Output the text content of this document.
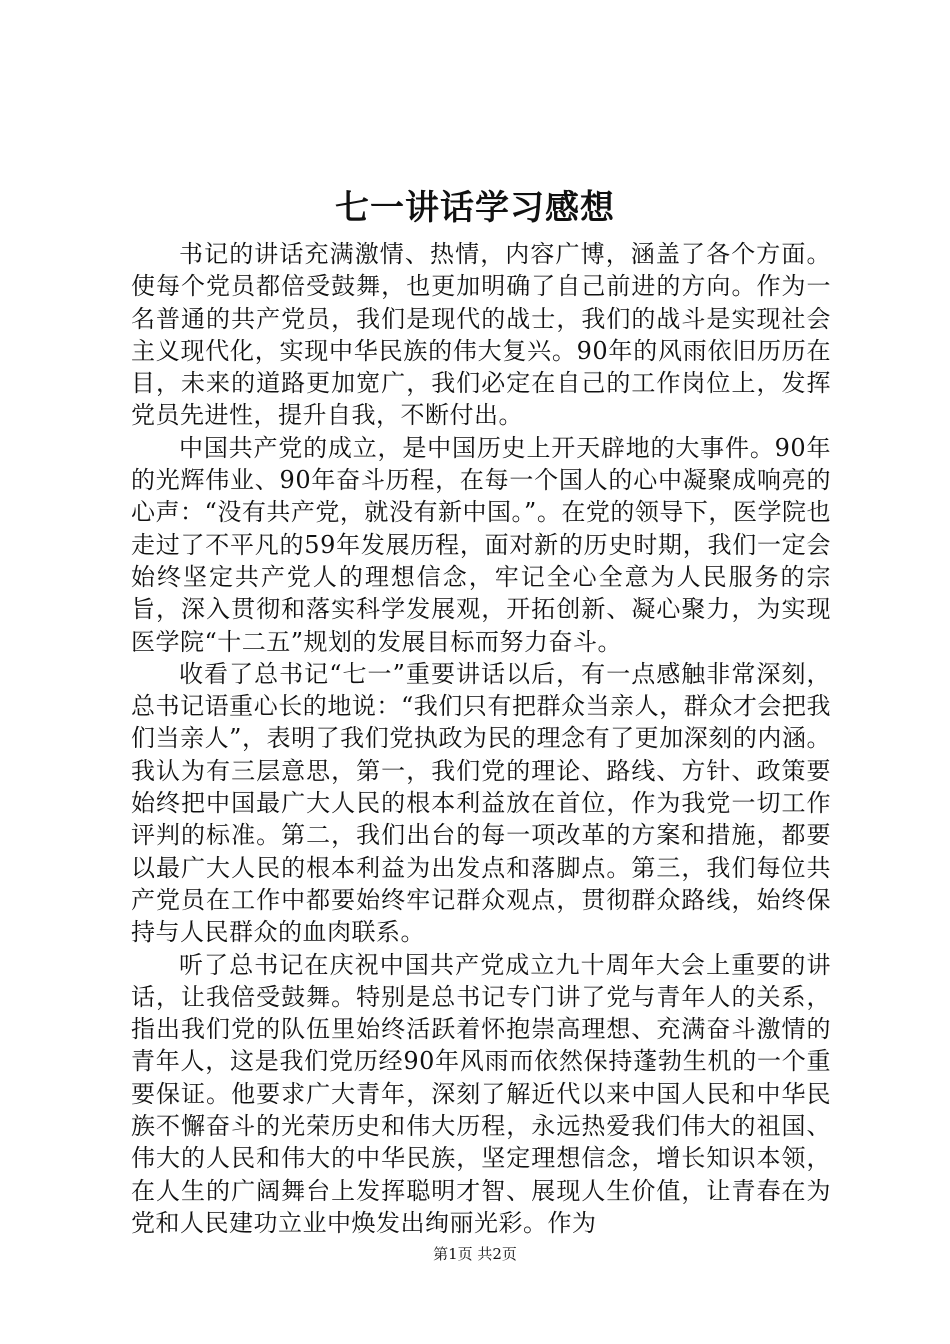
七一讲话学习感想

书记的讲话充满激情、热情，内容广博，涵盖了各个方面。使每个党员都倍受鼓舞，也更加明确了自己前进的方向。作为一名普通的共产党员，我们是现代的战士，我们的战斗是实现社会主义现代化，实现中华民族的伟大复兴。90年的风雨依旧历历在目，未来的道路更加宽广，我们必定在自己的工作岗位上，发挥党员先进性，提升自我，不断付出。

中国共产党的成立，是中国历史上开天辟地的大事件。90年的光辉伟业、90年奋斗历程，在每一个国人的心中凝聚成响亮的心声：“没有共产党，就没有新中国。”。在党的领导下，医学院也走过了不平凡的59年发展历程，面对新的历史时期，我们一定会始终坚定共产党人的理想信念，牢记全心全意为人民服务的宗旨，深入贯彻和落实科学发展观，开拓创新、凝心聚力，为实现医学院“十二五”规划的发展目标而努力奋斗。

收看了总书记“七一”重要讲话以后，有一点感触非常深刻，总书记语重心长的地说：“我们只有把群众当亲人，群众才会把我们当亲人”，表明了我们党执政为民的理念有了更加深刻的内涵。我认为有三层意思，第一，我们党的理论、路线、方针、政策要始终把中国最广大人民的根本利益放在首位，作为我党一切工作评判的标准。第二，我们出台的每一项改革的方案和措施，都要以最广大人民的根本利益为出发点和落脚点。第三，我们每位共产党员在工作中都要始终牢记群众观点，贯彻群众路线，始终保持与人民群众的血肉联系。

听了总书记在庆祝中国共产党成立九十周年大会上重要的讲话，让我倍受鼓舞。特别是总书记专门讲了党与青年人的关系，指出我们党的队伍里始终活跃着怀抱崇高理想、充满奋斗激情的青年人，这是我们党历经90年风雨而依然保持蓬勃生机的一个重要保证。他要求广大青年，深刻了解近代以来中国人民和中华民族不懈奋斗的光荣历史和伟大历程，永远热爱我们伟大的祖国、伟大的人民和伟大的中华民族，坚定理想信念，增长知识本领，在人生的广阔舞台上发挥聪明才智、展现人生价值，让青春在为党和人民建功立业中焕发出绚丽光彩。作为

第1页 共2页
